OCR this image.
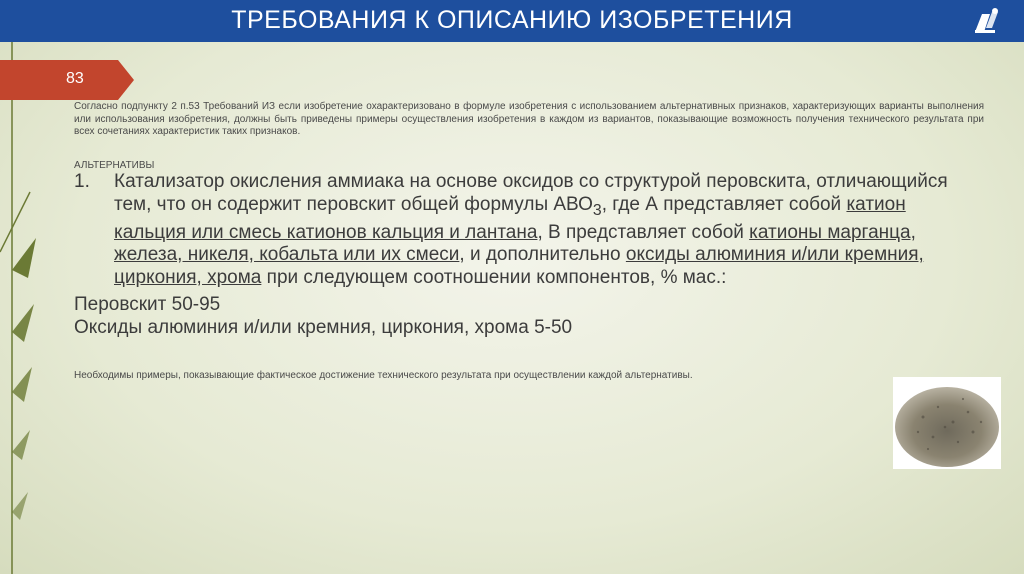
ТРЕБОВАНИЯ К ОПИСАНИЮ ИЗОБРЕТЕНИЯ
83
Согласно подпункту 2 п.53 Требований ИЗ если изобретение охарактеризовано в формуле изобретения с использованием альтернативных признаков, характеризующих варианты выполнения или использования изобретения, должны быть приведены примеры осуществления изобретения в каждом из вариантов, показывающие возможность получения технического результата при всех сочетаниях характеристик таких признаков.
АЛЬТЕРНАТИВЫ
1. Катализатор окисления аммиака на основе оксидов со структурой перовскита, отличающийся тем, что он содержит перовскит общей формулы $АВО_3$, где А представляет собой катион кальция или смесь катионов кальция и лантана, В представляет собой катионы марганца, железа, никеля, кобальта или их смеси, и дополнительно оксиды алюминия и/или кремния, циркония, хрома при следующем соотношении компонентов, % мас.:
Перовскит 50-95
Оксиды алюминия и/или кремния, циркония, хрома 5-50
Необходимы примеры, показывающие фактическое достижение технического результата при осуществлении каждой альтернативы.
